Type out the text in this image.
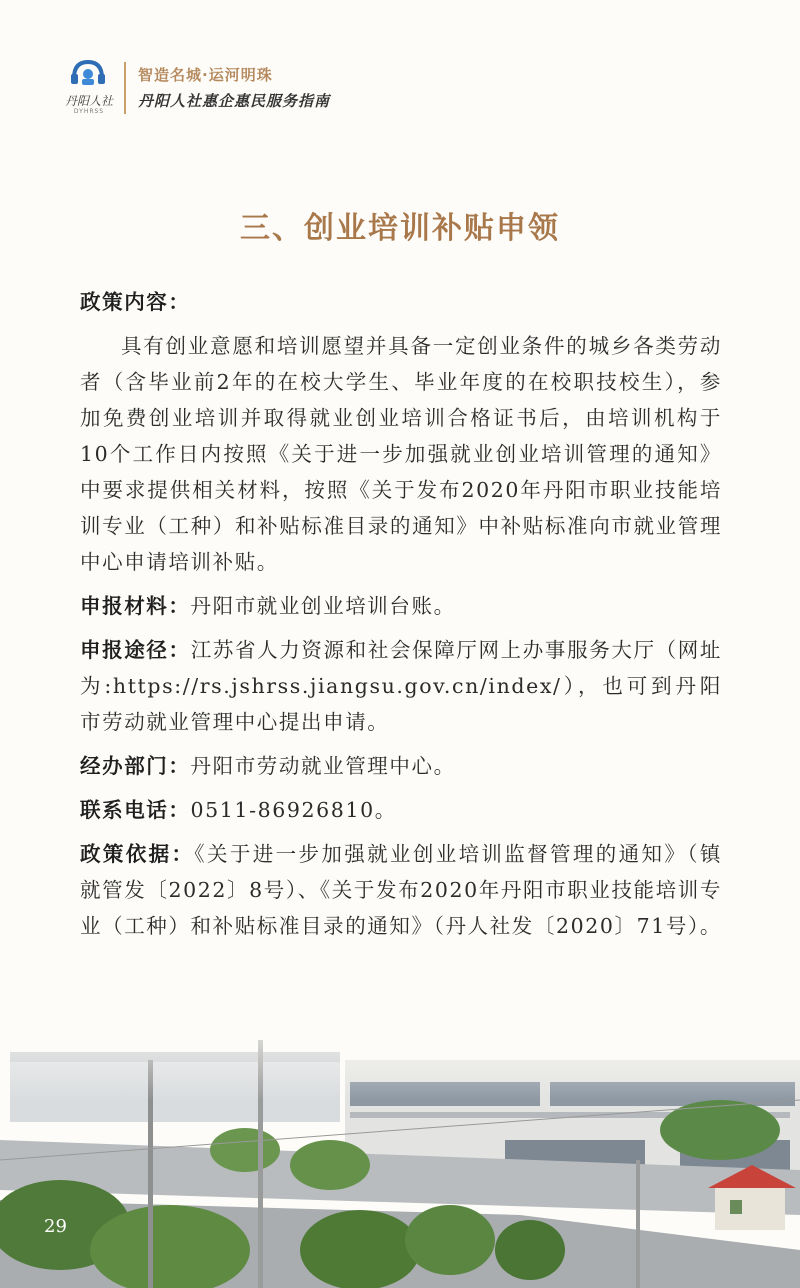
丹阳人社
DYHRSS
智造名城·运河明珠
丹阳人社惠企惠民服务指南
三、创业培训补贴申领

政策内容：

具有创业意愿和培训愿望并具备一定创业条件的城乡各类劳动者（含毕业前2年的在校大学生、毕业年度的在校职技校生），参加免费创业培训并取得就业创业培训合格证书后，由培训机构于10个工作日内按照《关于进一步加强就业创业培训管理的通知》中要求提供相关材料，按照《关于发布2020年丹阳市职业技能培训专业（工种）和补贴标准目录的通知》中补贴标准向市就业管理中心申请培训补贴。

申报材料：丹阳市就业创业培训台账。

申报途径：江苏省人力资源和社会保障厅网上办事服务大厅（网址为:https://rs.jshrss.jiangsu.gov.cn/index/），也可到丹阳市劳动就业管理中心提出申请。

经办部门：丹阳市劳动就业管理中心。

联系电话：0511-86926810。

政策依据：《关于进一步加强就业创业培训监督管理的通知》（镇就管发〔2022〕8号）、《关于发布2020年丹阳市职业技能培训专业（工种）和补贴标准目录的通知》（丹人社发〔2020〕71号）。

29
